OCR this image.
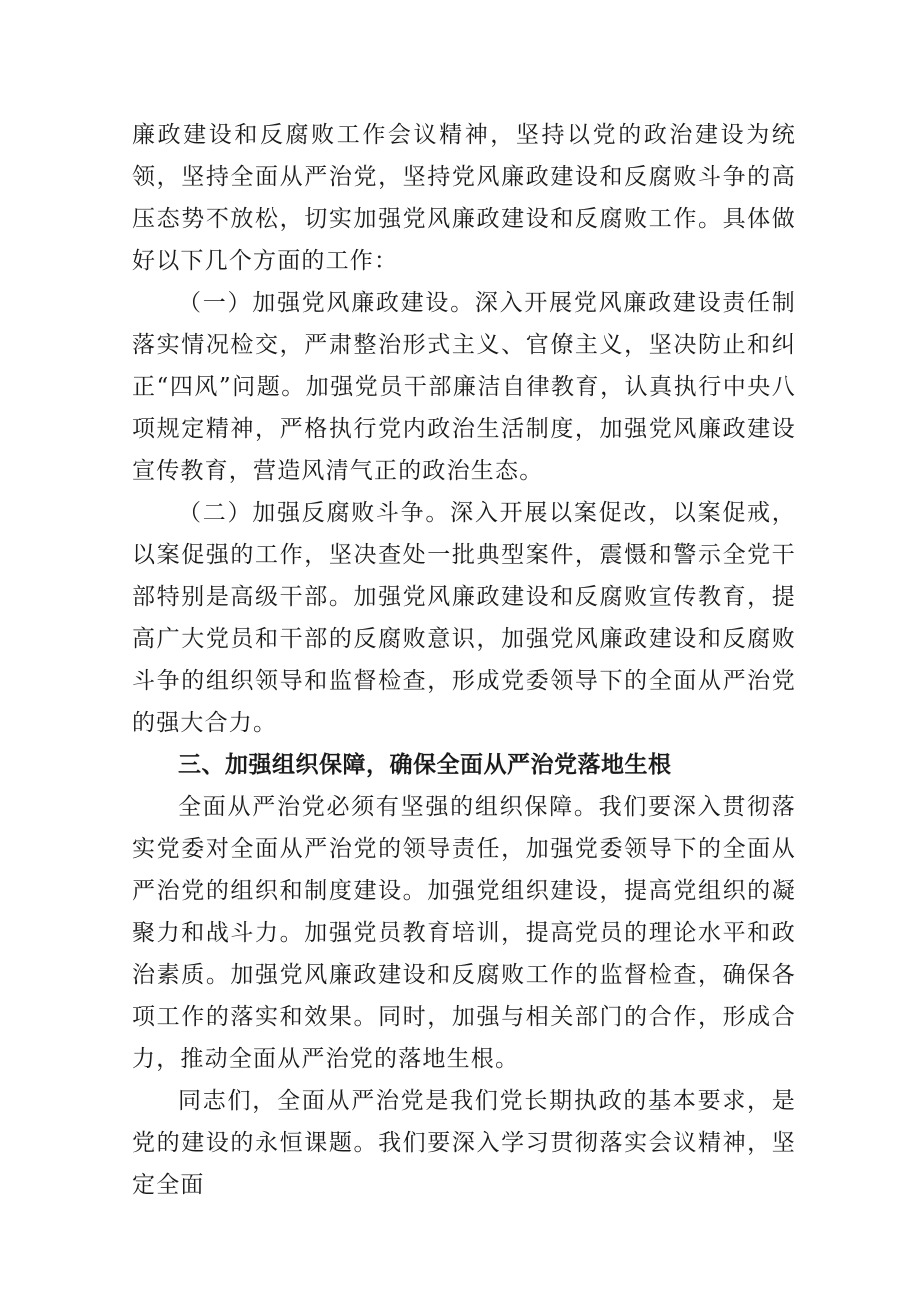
廉政建设和反腐败工作会议精神，坚持以党的政治建设为统领，坚持全面从严治党，坚持党风廉政建设和反腐败斗争的高压态势不放松，切实加强党风廉政建设和反腐败工作。具体做好以下几个方面的工作：

（一）加强党风廉政建设。深入开展党风廉政建设责任制落实情况检交，严肃整治形式主义、官僚主义，坚决防止和纠正“四风”问题。加强党员干部廉洁自律教育，认真执行中央八项规定精神，严格执行党内政治生活制度，加强党风廉政建设宣传教育，营造风清气正的政治生态。

（二）加强反腐败斗争。深入开展以案促改，以案促戒，以案促强的工作，坚决查处一批典型案件，震慑和警示全党干部特别是高级干部。加强党风廉政建设和反腐败宣传教育，提高广大党员和干部的反腐败意识，加强党风廉政建设和反腐败斗争的组织领导和监督检查，形成党委领导下的全面从严治党的强大合力。

三、加强组织保障，确保全面从严治党落地生根

全面从严治党必须有坚强的组织保障。我们要深入贯彻落实党委对全面从严治党的领导责任，加强党委领导下的全面从严治党的组织和制度建设。加强党组织建设，提高党组织的凝聚力和战斗力。加强党员教育培训，提高党员的理论水平和政治素质。加强党风廉政建设和反腐败工作的监督检查，确保各项工作的落实和效果。同时，加强与相关部门的合作，形成合力，推动全面从严治党的落地生根。

同志们，全面从严治党是我们党长期执政的基本要求，是党的建设的永恒课题。我们要深入学习贯彻落实会议精神，坚定全面
